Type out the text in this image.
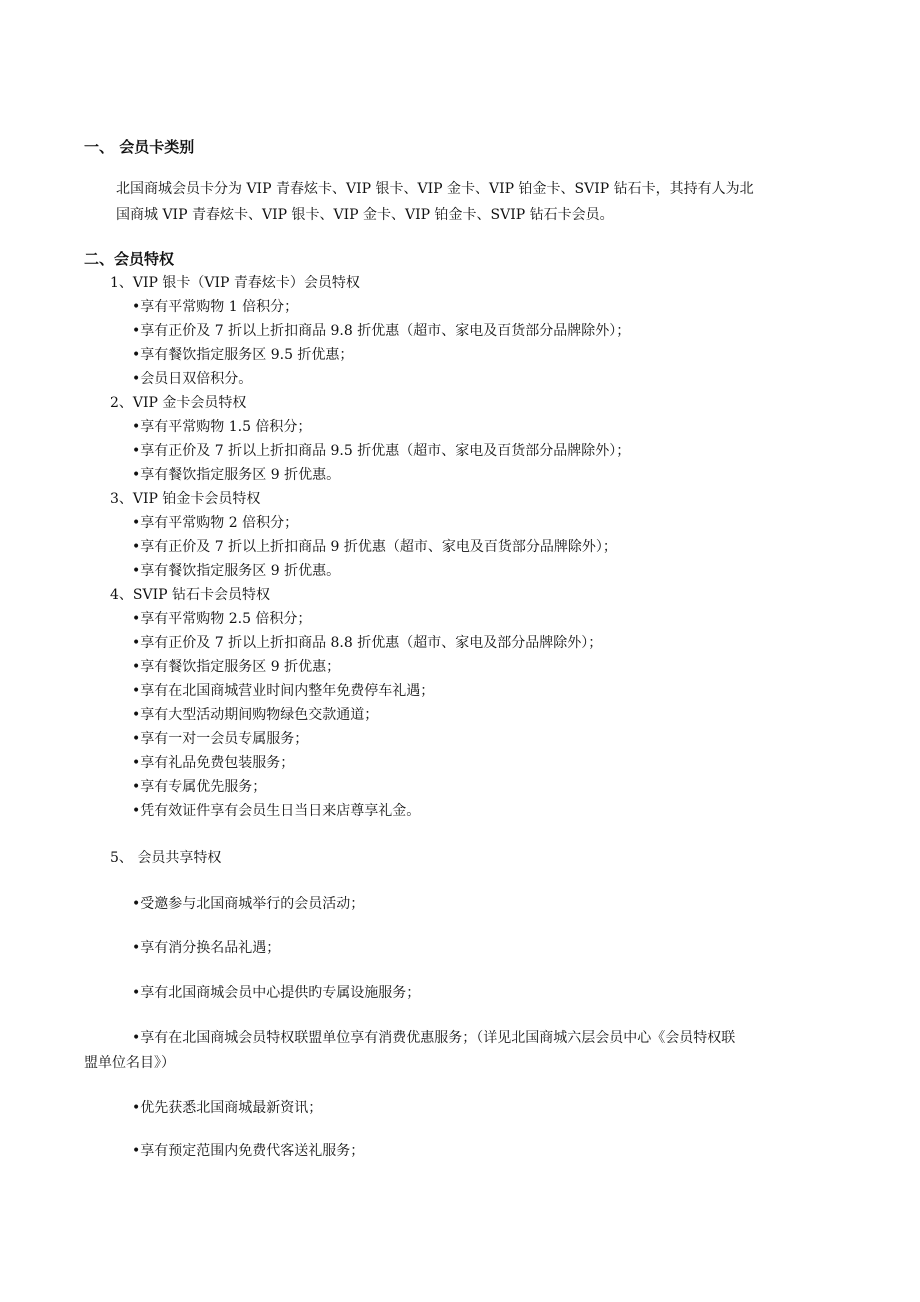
一、 会员卡类别
北国商城会员卡分为 VIP 青春炫卡、VIP 银卡、VIP 金卡、VIP 铂金卡、SVIP 钻石卡，其持有人为北
国商城 VIP 青春炫卡、VIP 银卡、VIP 金卡、VIP 铂金卡、SVIP 钻石卡会员。
二、会员特权
1、VIP 银卡（VIP 青春炫卡）会员特权
•享有平常购物 1 倍积分；
•享有正价及 7 折以上折扣商品 9.8 折优惠（超市、家电及百货部分品牌除外）；
•享有餐饮指定服务区 9.5 折优惠；
•会员日双倍积分。
2、VIP 金卡会员特权
•享有平常购物 1.5 倍积分；
•享有正价及 7 折以上折扣商品 9.5 折优惠（超市、家电及百货部分品牌除外）；
•享有餐饮指定服务区 9 折优惠。
3、VIP 铂金卡会员特权
•享有平常购物 2 倍积分；
•享有正价及 7 折以上折扣商品 9 折优惠（超市、家电及百货部分品牌除外）；
•享有餐饮指定服务区 9 折优惠。
4、SVIP 钻石卡会员特权
•享有平常购物 2.5 倍积分；
•享有正价及 7 折以上折扣商品 8.8 折优惠（超市、家电及部分品牌除外）；
•享有餐饮指定服务区 9 折优惠；
•享有在北国商城营业时间内整年免费停车礼遇；
•享有大型活动期间购物绿色交款通道；
•享有一对一会员专属服务；
•享有礼品免费包装服务；
•享有专属优先服务；
•凭有效证件享有会员生日当日来店尊享礼金。
5、 会员共享特权
•受邀参与北国商城举行的会员活动；
•享有消分换名品礼遇；
•享有北国商城会员中心提供旳专属设施服务；
•享有在北国商城会员特权联盟单位享有消费优惠服务；（详见北国商城六层会员中心《会员特权联
盟单位名目》）
•优先获悉北国商城最新资讯；
•享有预定范围内免费代客送礼服务；
